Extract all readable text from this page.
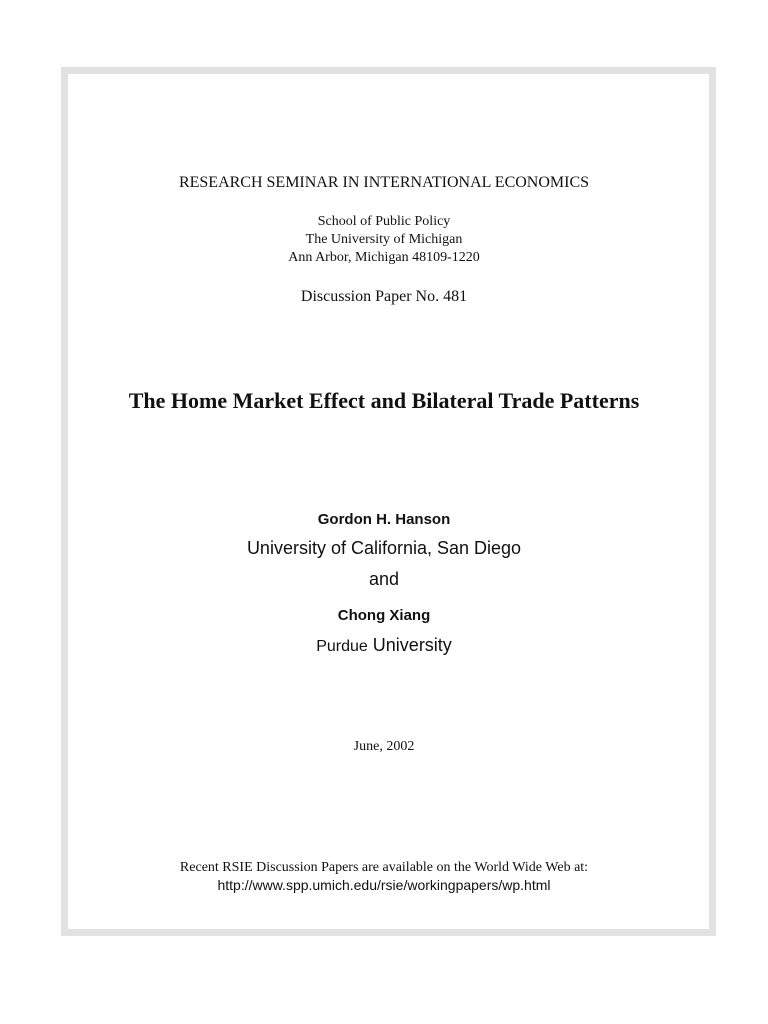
RESEARCH SEMINAR IN INTERNATIONAL ECONOMICS
School of Public Policy
The University of Michigan
Ann Arbor, Michigan 48109-1220
Discussion Paper No. 481
The Home Market Effect and Bilateral Trade Patterns
Gordon H. Hanson
University of California, San Diego
and
Chong Xiang
Purdue University
June, 2002
Recent RSIE Discussion Papers are available on the World Wide Web at:
http://www.spp.umich.edu/rsie/workingpapers/wp.html
